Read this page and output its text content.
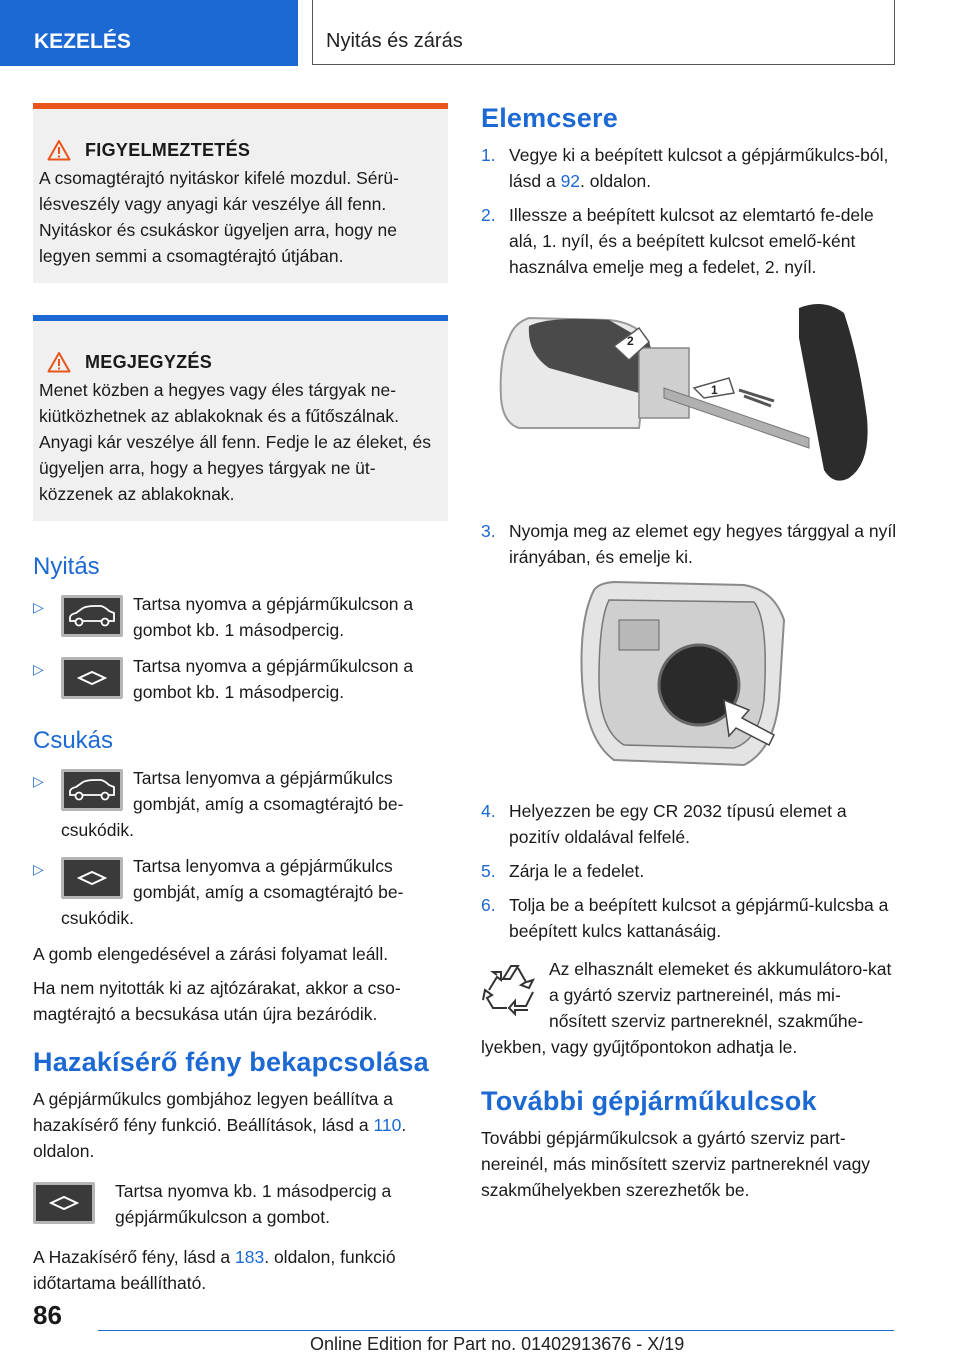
KEZELÉS	Nyitás és zárás
FIGYELMEZTETÉS
A csomagtérajtó nyitáskor kifelé mozdul. Sérü-lésveszély vagy anyagi kár veszélye áll fenn. Nyitáskor és csukáskor ügyeljen arra, hogy ne legyen semmi a csomagtérajtó útjában.
MEGJEGYZÉS
Menet közben a hegyes vagy éles tárgyak ne-kiütközhetnek az ablakoknak és a fűtőszálnak. Anyagi kár veszélye áll fenn. Fedje le az éleket, és ügyeljen arra, hogy a hegyes tárgyak ne üt-közzenek az ablakoknak.
Nyitás
▷	Tartsa nyomva a gépjárműkulcson a gombot kb. 1 másodpercig.
▷	Tartsa nyomva a gépjárműkulcson a gombot kb. 1 másodpercig.
Csukás
▷	Tartsa lenyomva a gépjárműkulcs gombját, amíg a csomagtérajtó be-csukódik.
▷	Tartsa lenyomva a gépjárműkulcs gombját, amíg a csomagtérajtó be-csukódik.

A gomb elengedésével a zárási folyamat leáll.

Ha nem nyitották ki az ajtózárakat, akkor a cso-magtérajtó a becsukása után újra bezáródik.

Hazakísérő fény bekapcsolása

A gépjárműkulcs gombjához legyen beállítva a hazakísérő fény funkció. Beállítások, lásd a 110. oldalon.

Tartsa nyomva kb. 1 másodpercig a gépjárműkulcson a gombot.

A Hazakísérő fény, lásd a 183. oldalon, funkció időtartama beállítható.

Elemcsere
1. Vegye ki a beépített kulcsot a gépjárműkulcs-ból, lásd a 92. oldalon.
2. Illessze a beépített kulcsot az elemtartó fe-dele alá, 1. nyíl, és a beépített kulcsot emelő-ként használva emelje meg a fedelet, 2. nyíl.
2
1
3. Nyomja meg az elemet egy hegyes tárggyal a nyíl irányában, és emelje ki.
4. Helyezzen be egy CR 2032 típusú elemet a pozitív oldalával felfelé.
5. Zárja le a fedelet.
6. Tolja be a beépített kulcsot a gépjármű-kulcsba a beépített kulcs kattanásáig.
Az elhasznált elemeket és akkumulátoro-kat a gyártó szerviz partnereinél, más mi-nősített szerviz partnereknél, szakműhe-lyekben, vagy gyűjtőpontokon adhatja le.
További gépjárműkulcsok

További gépjárműkulcsok a gyártó szerviz part-nereinél, más minősített szerviz partnereknél vagy szakműhelyekben szerezhetők be.

86
Online Edition for Part no. 01402913676 - X/19
